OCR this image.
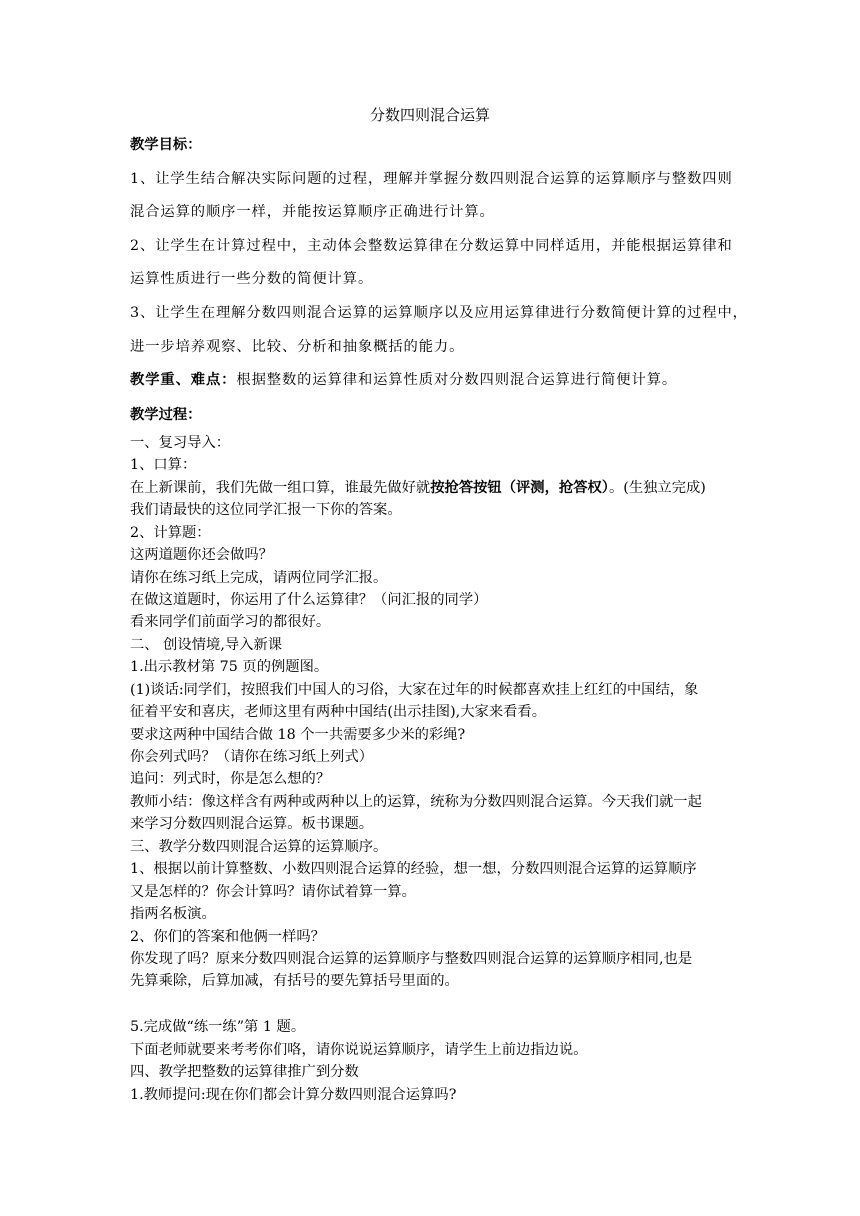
分数四则混合运算
教学目标：
1、让学生结合解决实际问题的过程，理解并掌握分数四则混合运算的运算顺序与整数四则
混合运算的顺序一样，并能按运算顺序正确进行计算。
2、让学生在计算过程中，主动体会整数运算律在分数运算中同样适用，并能根据运算律和
运算性质进行一些分数的简便计算。
3、让学生在理解分数四则混合运算的运算顺序以及应用运算律进行分数简便计算的过程中，
进一步培养观察、比较、分析和抽象概括的能力。
教学重、难点：根据整数的运算律和运算性质对分数四则混合运算进行简便计算。
教学过程：
一、复习导入：
1、口算：
在上新课前，我们先做一组口算，谁最先做好就按抢答按钮（评测，抢答权）。(生独立完成)
我们请最快的这位同学汇报一下你的答案。
2、计算题：
这两道题你还会做吗？
请你在练习纸上完成，请两位同学汇报。
在做这道题时，你运用了什么运算律？（问汇报的同学）
看来同学们前面学习的都很好。
二、 创设情境,导入新课
1.出示教材第 75 页的例题图。
(1)谈话:同学们，按照我们中国人的习俗，大家在过年的时候都喜欢挂上红红的中国结，象
征着平安和喜庆，老师这里有两种中国结(出示挂图),大家来看看。
要求这两种中国结合做 18 个一共需要多少米的彩绳?
你会列式吗？（请你在练习纸上列式）
追问：列式时，你是怎么想的？
教师小结：像这样含有两种或两种以上的运算，统称为分数四则混合运算。今天我们就一起
来学习分数四则混合运算。板书课题。
三、教学分数四则混合运算的运算顺序。
1、根据以前计算整数、小数四则混合运算的经验，想一想，分数四则混合运算的运算顺序
又是怎样的？你会计算吗？请你试着算一算。
指两名板演。
2、你们的答案和他俩一样吗？
你发现了吗？原来分数四则混合运算的运算顺序与整数四则混合运算的运算顺序相同,也是
先算乘除，后算加减，有括号的要先算括号里面的。
5.完成做“练一练”第 1 题。
下面老师就要来考考你们咯，请你说说运算顺序，请学生上前边指边说。
四、教学把整数的运算律推广到分数
1.教师提问:现在你们都会计算分数四则混合运算吗?
